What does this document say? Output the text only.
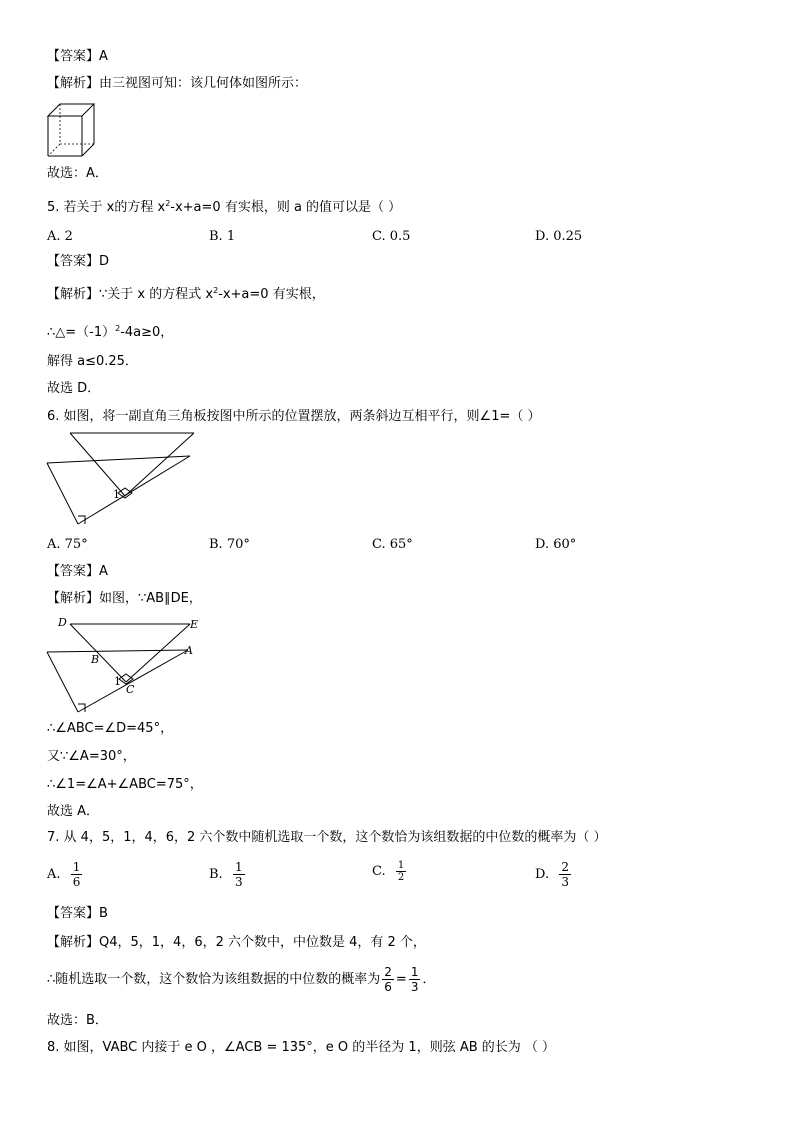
【答案】A
【解析】由三视图可知：该几何体如图所示：
故选：A．
5. 若关于 x的方程 $x^2-x+a=0$ 有实根，则 a 的值可以是（ ）
A. 2	B. 1	C. 0.5	D. 0.25
【答案】D
【解析】∵关于 x 的方程式 $x^2-x+a=0$ 有实根，
$\therefore\triangle=(-1)^2-4a\ge 0$，
解得 a≤0.25．
故选 D．
6. 如图，将一副直角三角板按图中所示的位置摆放，两条斜边互相平行，则∠1=（ ）
1
A. 75°	B. 70°	C. 65°	D. 60°
【答案】A
【解析】如图，∵AB∥DE，
D	E
B
A
1
C
∴∠ABC=∠D=45°，
又∵∠A=30°，
∴∠1=∠A+∠ABC=75°，
故选 A．
7. 从 4，5，1，4，6，2 六个数中随机选取一个数，这个数恰为该组数据的中位数的概率为（ ）
A. $\frac{1}{6}$	B. $\frac{1}{3}$	C. $\frac{1}{2}$	D. $\frac{2}{3}$
【答案】B
【解析】Q4，5，1，4，6，2 六个数中，中位数是 4，有 2 个，
∴随机选取一个数，这个数恰为该组数据的中位数的概率为 $\frac{2}{6} = \frac{1}{3}$ ．
故选：B．
8. 如图，VABC 内接于 e O ，∠ACB = 135°，e O 的半径为 1，则弦 AB 的长为 （ ）
